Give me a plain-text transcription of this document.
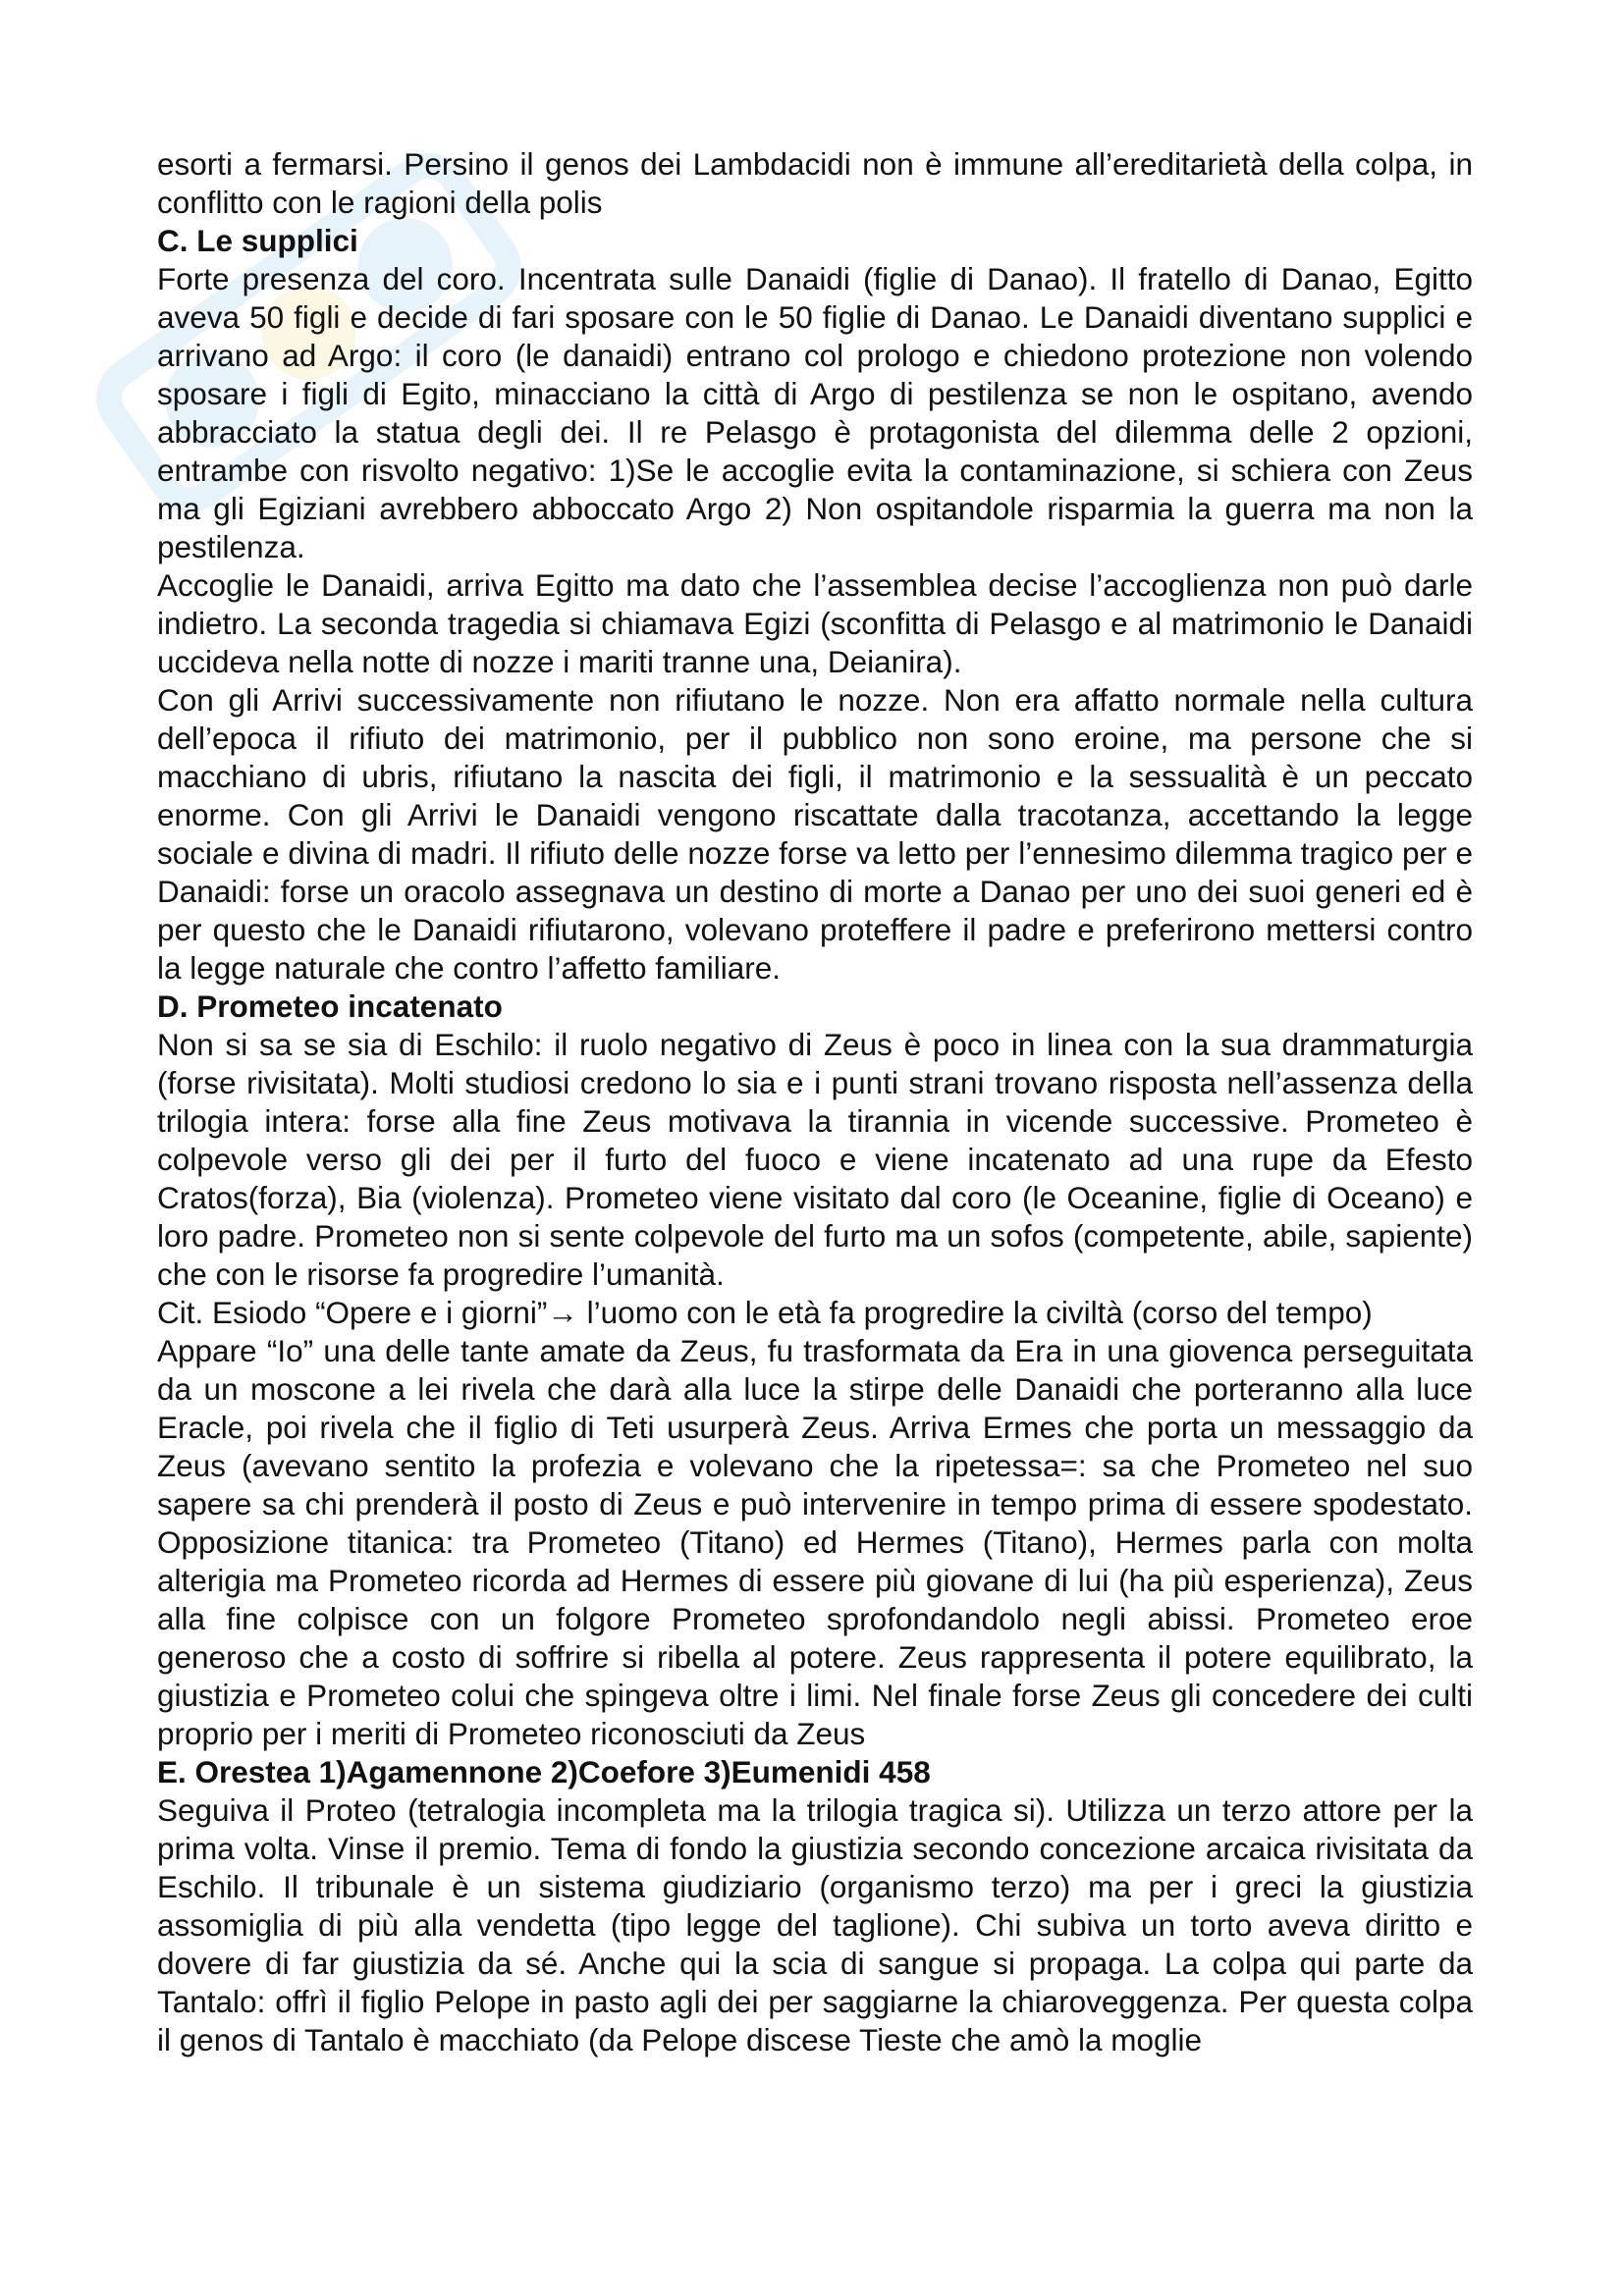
esorti a fermarsi. Persino il genos dei Lambdacidi non è immune all’ereditarietà della colpa, in conflitto con le ragioni della polis

C. Le supplici

Forte presenza del coro. Incentrata sulle Danaidi (figlie di Danao). Il fratello di Danao, Egitto aveva 50 figli e decide di fari sposare con le 50 figlie di Danao. Le Danaidi diventano supplici e arrivano ad Argo: il coro (le danaidi) entrano col prologo e chiedono protezione non volendo sposare i figli di Egito, minacciano la città di Argo di pestilenza se non le ospitano, avendo abbracciato la statua degli dei. Il re Pelasgo è protagonista del dilemma delle 2 opzioni, entrambe con risvolto negativo: 1)Se le accoglie evita la contaminazione, si schiera con Zeus ma gli Egiziani avrebbero abboccato Argo 2) Non ospitandole risparmia la guerra ma non la pestilenza.

Accoglie le Danaidi, arriva Egitto ma dato che l’assemblea decise l’accoglienza non può darle indietro. La seconda tragedia si chiamava Egizi (sconfitta di Pelasgo e al matrimonio le Danaidi uccideva nella notte di nozze i mariti tranne una, Deianira).

Con gli Arrivi successivamente non rifiutano le nozze. Non era affatto normale nella cultura dell’epoca il rifiuto dei matrimonio, per il pubblico non sono eroine, ma persone che si macchiano di ubris, rifiutano la nascita dei figli, il matrimonio e la sessualità è un peccato enorme. Con gli Arrivi le Danaidi vengono riscattate dalla tracotanza, accettando la legge sociale e divina di madri. Il rifiuto delle nozze forse va letto per l’ennesimo dilemma tragico per e Danaidi: forse un oracolo assegnava un destino di morte a Danao per uno dei suoi generi ed è per questo che le Danaidi rifiutarono, volevano proteffere il padre e preferirono mettersi contro la legge naturale che contro l’affetto familiare.

D. Prometeo incatenato

Non si sa se sia di Eschilo: il ruolo negativo di Zeus è poco in linea con la sua drammaturgia (forse rivisitata). Molti studiosi credono lo sia e i punti strani trovano risposta nell’assenza della trilogia intera: forse alla fine Zeus motivava la tirannia in vicende successive. Prometeo è colpevole verso gli dei per il furto del fuoco e viene incatenato ad una rupe da Efesto Cratos(forza), Bia (violenza). Prometeo viene visitato dal coro (le Oceanine, figlie di Oceano) e loro padre. Prometeo non si sente colpevole del furto ma un sofos (competente, abile, sapiente) che con le risorse fa progredire l’umanità.

Cit. Esiodo “Opere e i giorni”→ l’uomo con le età fa progredire la civiltà (corso del tempo)

Appare “Io” una delle tante amate da Zeus, fu trasformata da Era in una giovenca perseguitata da un moscone a lei rivela che darà alla luce la stirpe delle Danaidi che porteranno alla luce Eracle, poi rivela che il figlio di Teti usurperà Zeus. Arriva Ermes che porta un messaggio da Zeus (avevano sentito la profezia e volevano che la ripetessa=: sa che Prometeo nel suo sapere sa chi prenderà il posto di Zeus e può intervenire in tempo prima di essere spodestato. Opposizione titanica: tra Prometeo (Titano) ed Hermes (Titano), Hermes parla con molta alterigia ma Prometeo ricorda ad Hermes di essere più giovane di lui (ha più esperienza), Zeus alla fine colpisce con un folgore Prometeo sprofondandolo negli abissi. Prometeo eroe generoso che a costo di soffrire si ribella al potere. Zeus rappresenta il potere equilibrato, la giustizia e Prometeo colui che spingeva oltre i limi. Nel finale forse Zeus gli concedere dei culti proprio per i meriti di Prometeo riconosciuti da Zeus

E. Orestea 1)Agamennone 2)Coefore 3)Eumenidi 458

Seguiva il Proteo (tetralogia incompleta ma la trilogia tragica si). Utilizza un terzo attore per la prima volta. Vinse il premio. Tema di fondo la giustizia secondo concezione arcaica rivisitata da Eschilo. Il tribunale è un sistema giudiziario (organismo terzo) ma per i greci la giustizia assomiglia di più alla vendetta (tipo legge del taglione). Chi subiva un torto aveva diritto e dovere di far giustizia da sé. Anche qui la scia di sangue si propaga. La colpa qui parte da Tantalo: offrì il figlio Pelope in pasto agli dei per saggiarne la chiaroveggenza. Per questa colpa il genos di Tantalo è macchiato (da Pelope discese Tieste che amò la moglie
